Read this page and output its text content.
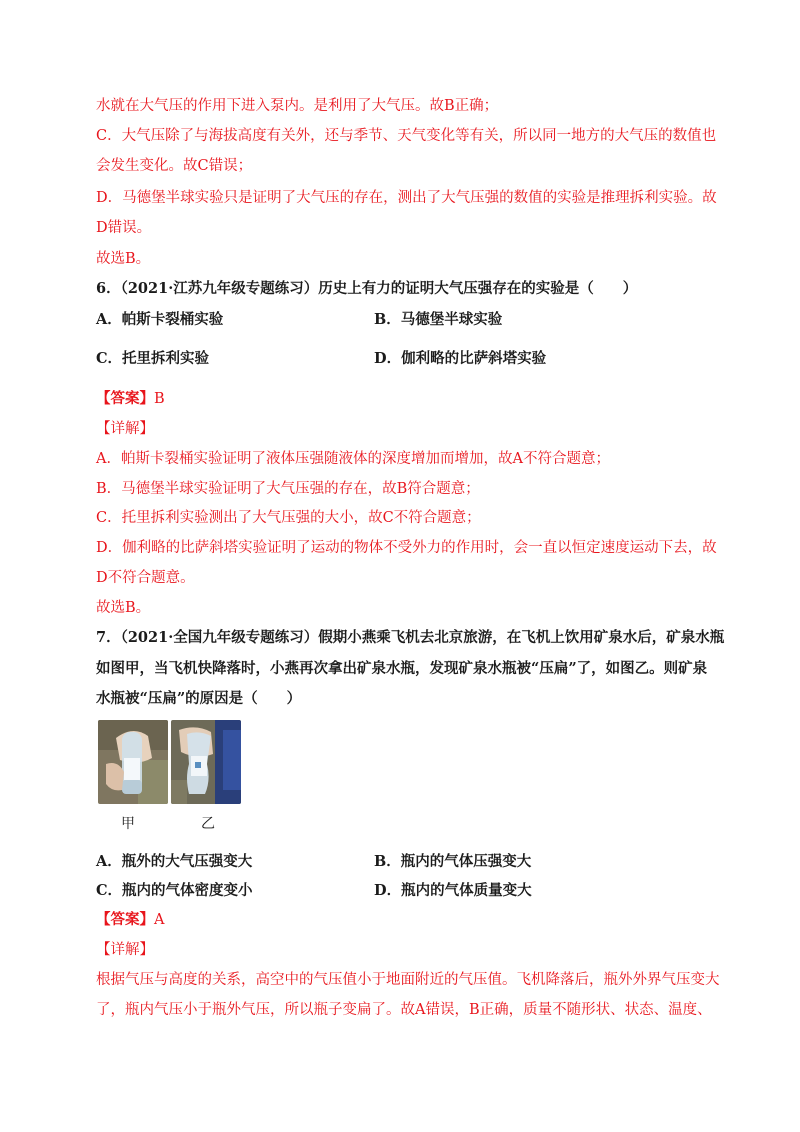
水就在大气压的作用下进入泵内。是利用了大气压。故B正确；
C．大气压除了与海拔高度有关外，还与季节、天气变化等有关，所以同一地方的大气压的数值也
会发生变化。故C错误；
D．马德堡半球实验只是证明了大气压的存在，测出了大气压强的数值的实验是推理拆利实验。故
D错误。
故选B。
6．（2021·江苏九年级专题练习）历史上有力的证明大气压强存在的实验是（　　）
A．帕斯卡裂桶实验	B．马德堡半球实验
C．托里拆利实验	D．伽利略的比萨斜塔实验
【答案】B
【详解】
A．帕斯卡裂桶实验证明了液体压强随液体的深度增加而增加，故A不符合题意；
B．马德堡半球实验证明了大气压强的存在，故B符合题意；
C．托里拆利实验测出了大气压强的大小，故C不符合题意；
D．伽利略的比萨斜塔实验证明了运动的物体不受外力的作用时，会一直以恒定速度运动下去，故
D不符合题意。
故选B。
7．（2021·全国九年级专题练习）假期小燕乘飞机去北京旅游，在飞机上饮用矿泉水后，矿泉水瓶
如图甲，当飞机快降落时，小燕再次拿出矿泉水瓶，发现矿泉水瓶被“压扁”了，如图乙。则矿泉
水瓶被“压扁”的原因是（　　）
甲	乙
A．瓶外的大气压强变大	B．瓶内的气体压强变大
C．瓶内的气体密度变小	D．瓶内的气体质量变大
【答案】A
【详解】
根据气压与高度的关系，高空中的气压值小于地面附近的气压值。飞机降落后，瓶外外界气压变大
了，瓶内气压小于瓶外气压，所以瓶子变扁了。故A错误，B正确，质量不随形状、状态、温度、
